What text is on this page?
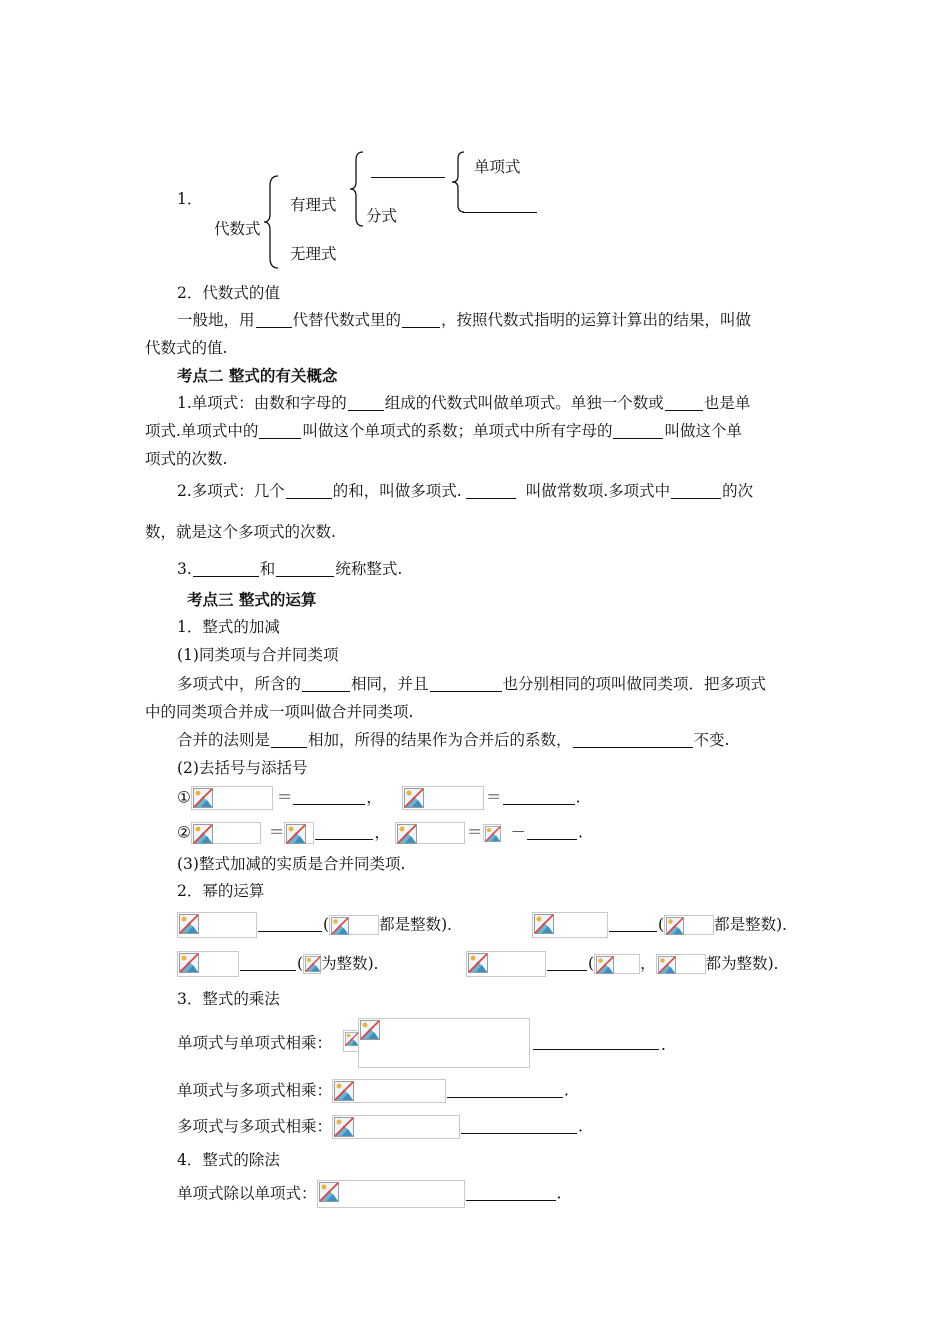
1．
代数式
有理式
无理式
分式
单项式
2．代数式的值
一般地，用 代替代数式里的	，按照代数式指明的运算计算出的结果，叫做
代数式的值.
考点二 整式的有关概念
1.单项式：由数和字母的 组成的代数式叫做单项式。单独一个数或	也是单
项式.单项式中的	叫做这个单项式的系数；单项式中所有字母的	叫做这个单
项式的次数.
2.多项式：几个	的和，叫做多项式.	叫做常数项.多项式中	的次
数，就是这个多项式的次数.
3.	和	统称整式.
考点三 整式的运算
1．整式的加减
(1)同类项与合并同类项
多项式中，所含的	相同，并且	也分别相同的项叫做同类项．把多项式
中的同类项合并成一项叫做合并同类项.
合并的法则是 相加，所得的结果作为合并后的系数，	不变.
(2)去括号与添括号
①	＝	，	＝	.
②	＝	，	＝ －	.
(3)整式加减的实质是合并同类项.
2．幂的运算
(	都是整数)．	(	都是整数)．
( 为整数)．	(	，	都为整数)．
3．整式的乘法
单项式与单项式相乘：	.
单项式与多项式相乘：	.
多项式与多项式相乘：	.
4．整式的除法
单项式除以单项式：	.
